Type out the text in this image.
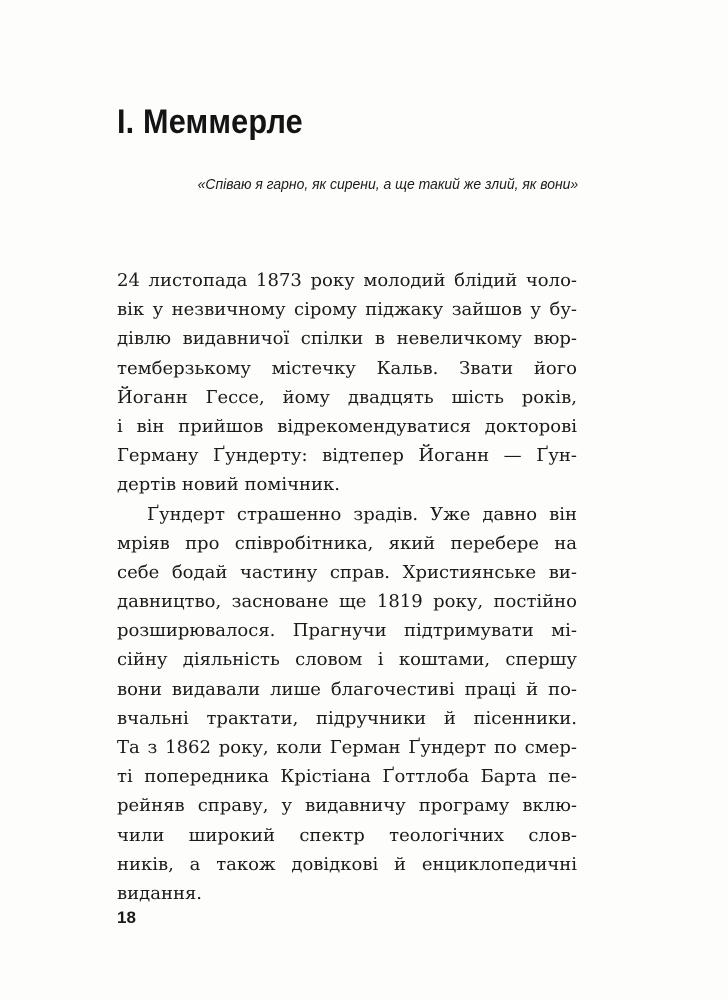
I. Меммерле

«Співаю я гарно, як сирени, а ще такий же злий, як вони»

24 листопада 1873 року молодий блідий чоло-
вік у незвичному сірому піджаку зайшов у бу-
дівлю видавничої спілки в невеличкому вюр-
темберзькому містечку Кальв. Звати його
Йоганн Гессе, йому двадцять шість років,
і він прийшов відрекомендуватися докторові
Герману Ґундерту: відтепер Йоганн — Ґун-
дертів новий помічник.
Ґундерт страшенно зрадів. Уже давно він
мріяв про співробітника, який перебере на
себе бодай частину справ. Християнське ви-
давництво, засноване ще 1819 року, постійно
розширювалося. Прагнучи підтримувати мі-
сійну діяльність словом і коштами, спершу
вони видавали лише благочестиві праці й по-
вчальні трактати, підручники й пісенники.
Та з 1862 року, коли Герман Ґундерт по смер-
ті попередника Крістіана Ґоттлоба Барта пе-
рейняв справу, у видавничу програму вклю-
чили широкий спектр теологічних слов-
ників, а також довідкові й енциклопедичні
видання.

18
